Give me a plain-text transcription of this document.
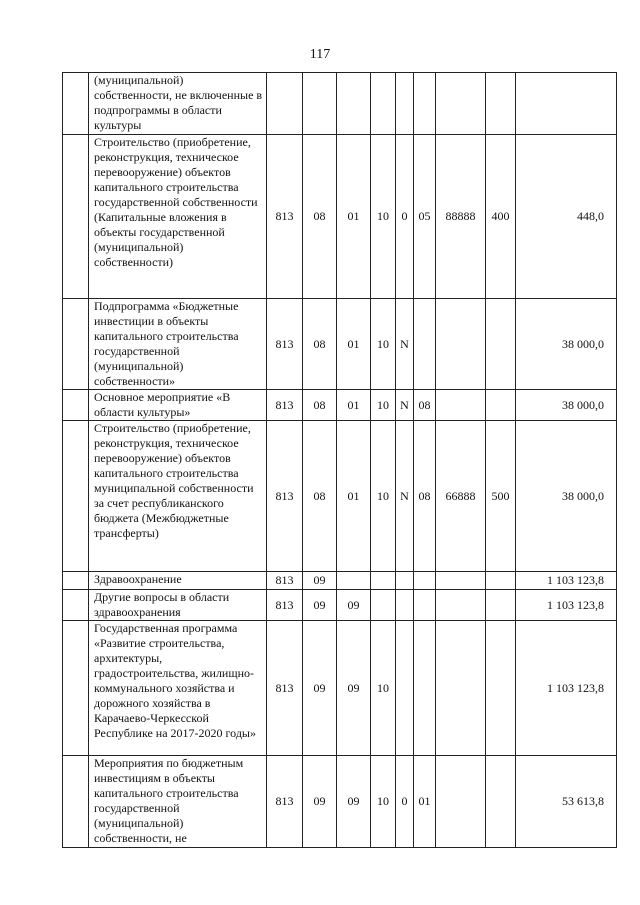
117
	(муниципальной) собственности, не включенные в подпрограммы в области культуры									
	Строительство (приобретение, реконструкция, техническое перевооружение) объектов капитального строительства государственной собственности (Капитальные вложения в объекты государственной (муниципальной) собственности)	813	08	01	10	0	05	88888	400	448,0
	Подпрограмма «Бюджетные инвестиции в объекты капитального строительства государственной (муниципальной) собственности»	813	08	01	10	N				38 000,0
	Основное мероприятие «В области культуры»	813	08	01	10	N	08			38 000,0
	Строительство (приобретение, реконструкция, техническое перевооружение) объектов капитального строительства муниципальной собственности за счет республиканского бюджета (Межбюджетные трансферты)	813	08	01	10	N	08	66888	500	38 000,0
	Здравоохранение	813	09							1 103 123,8
	Другие вопросы в области здравоохранения	813	09	09						1 103 123,8
	Государственная программа «Развитие строительства, архитектуры, градостроительства, жилищно-коммунального хозяйства и дорожного хозяйства в Карачаево-Черкесской Республике на 2017-2020 годы»	813	09	09	10					1 103 123,8
	Мероприятия по бюджетным инвестициям в объекты капитального строительства государственной (муниципальной) собственности, не	813	09	09	10	0	01			53 613,8
